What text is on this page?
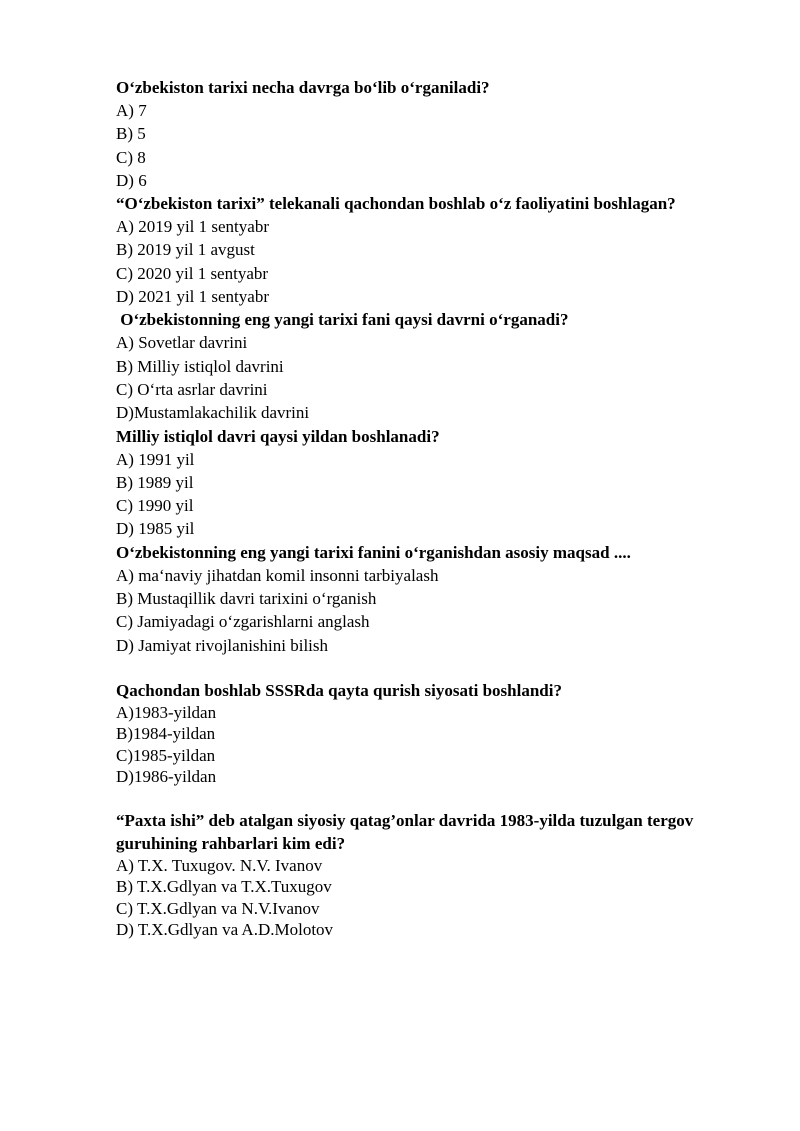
O‘zbekiston tarixi necha davrga bo‘lib o‘rganiladi?

A) 7

B) 5

C) 8

D) 6

“O‘zbekiston tarixi” telekanali qachondan boshlab o‘z faoliyatini boshlagan?

A) 2019 yil 1 sentyabr

B) 2019 yil 1 avgust

C) 2020 yil 1 sentyabr

D) 2021 yil 1 sentyabr

O‘zbekistonning eng yangi tarixi fani qaysi davrni o‘rganadi?

A) Sovetlar davrini

B) Milliy istiqlol davrini

C) O‘rta asrlar davrini

D)Mustamlakachilik davrini

Milliy istiqlol davri qaysi yildan boshlanadi?

A) 1991 yil

B) 1989 yil

C) 1990 yil

D) 1985 yil

O‘zbekistonning eng yangi tarixi fanini o‘rganishdan asosiy maqsad ....

A) ma‘naviy jihatdan komil insonni tarbiyalash

B) Mustaqillik davri tarixini o‘rganish

C) Jamiyadagi o‘zgarishlarni anglash

D) Jamiyat rivojlanishini bilish

Qachondan boshlab SSSRda qayta qurish siyosati boshlandi?

A)1983-yildan

B)1984-yildan

C)1985-yildan

D)1986-yildan

“Paxta ishi” deb atalgan siyosiy qatag’onlar davrida 1983-yilda tuzulgan tergov guruhining rahbarlari kim edi?

A) T.X. Tuxugov. N.V. Ivanov

B) T.X.Gdlyan va T.X.Tuxugov

C) T.X.Gdlyan va N.V.Ivanov

D) T.X.Gdlyan va A.D.Molotov
